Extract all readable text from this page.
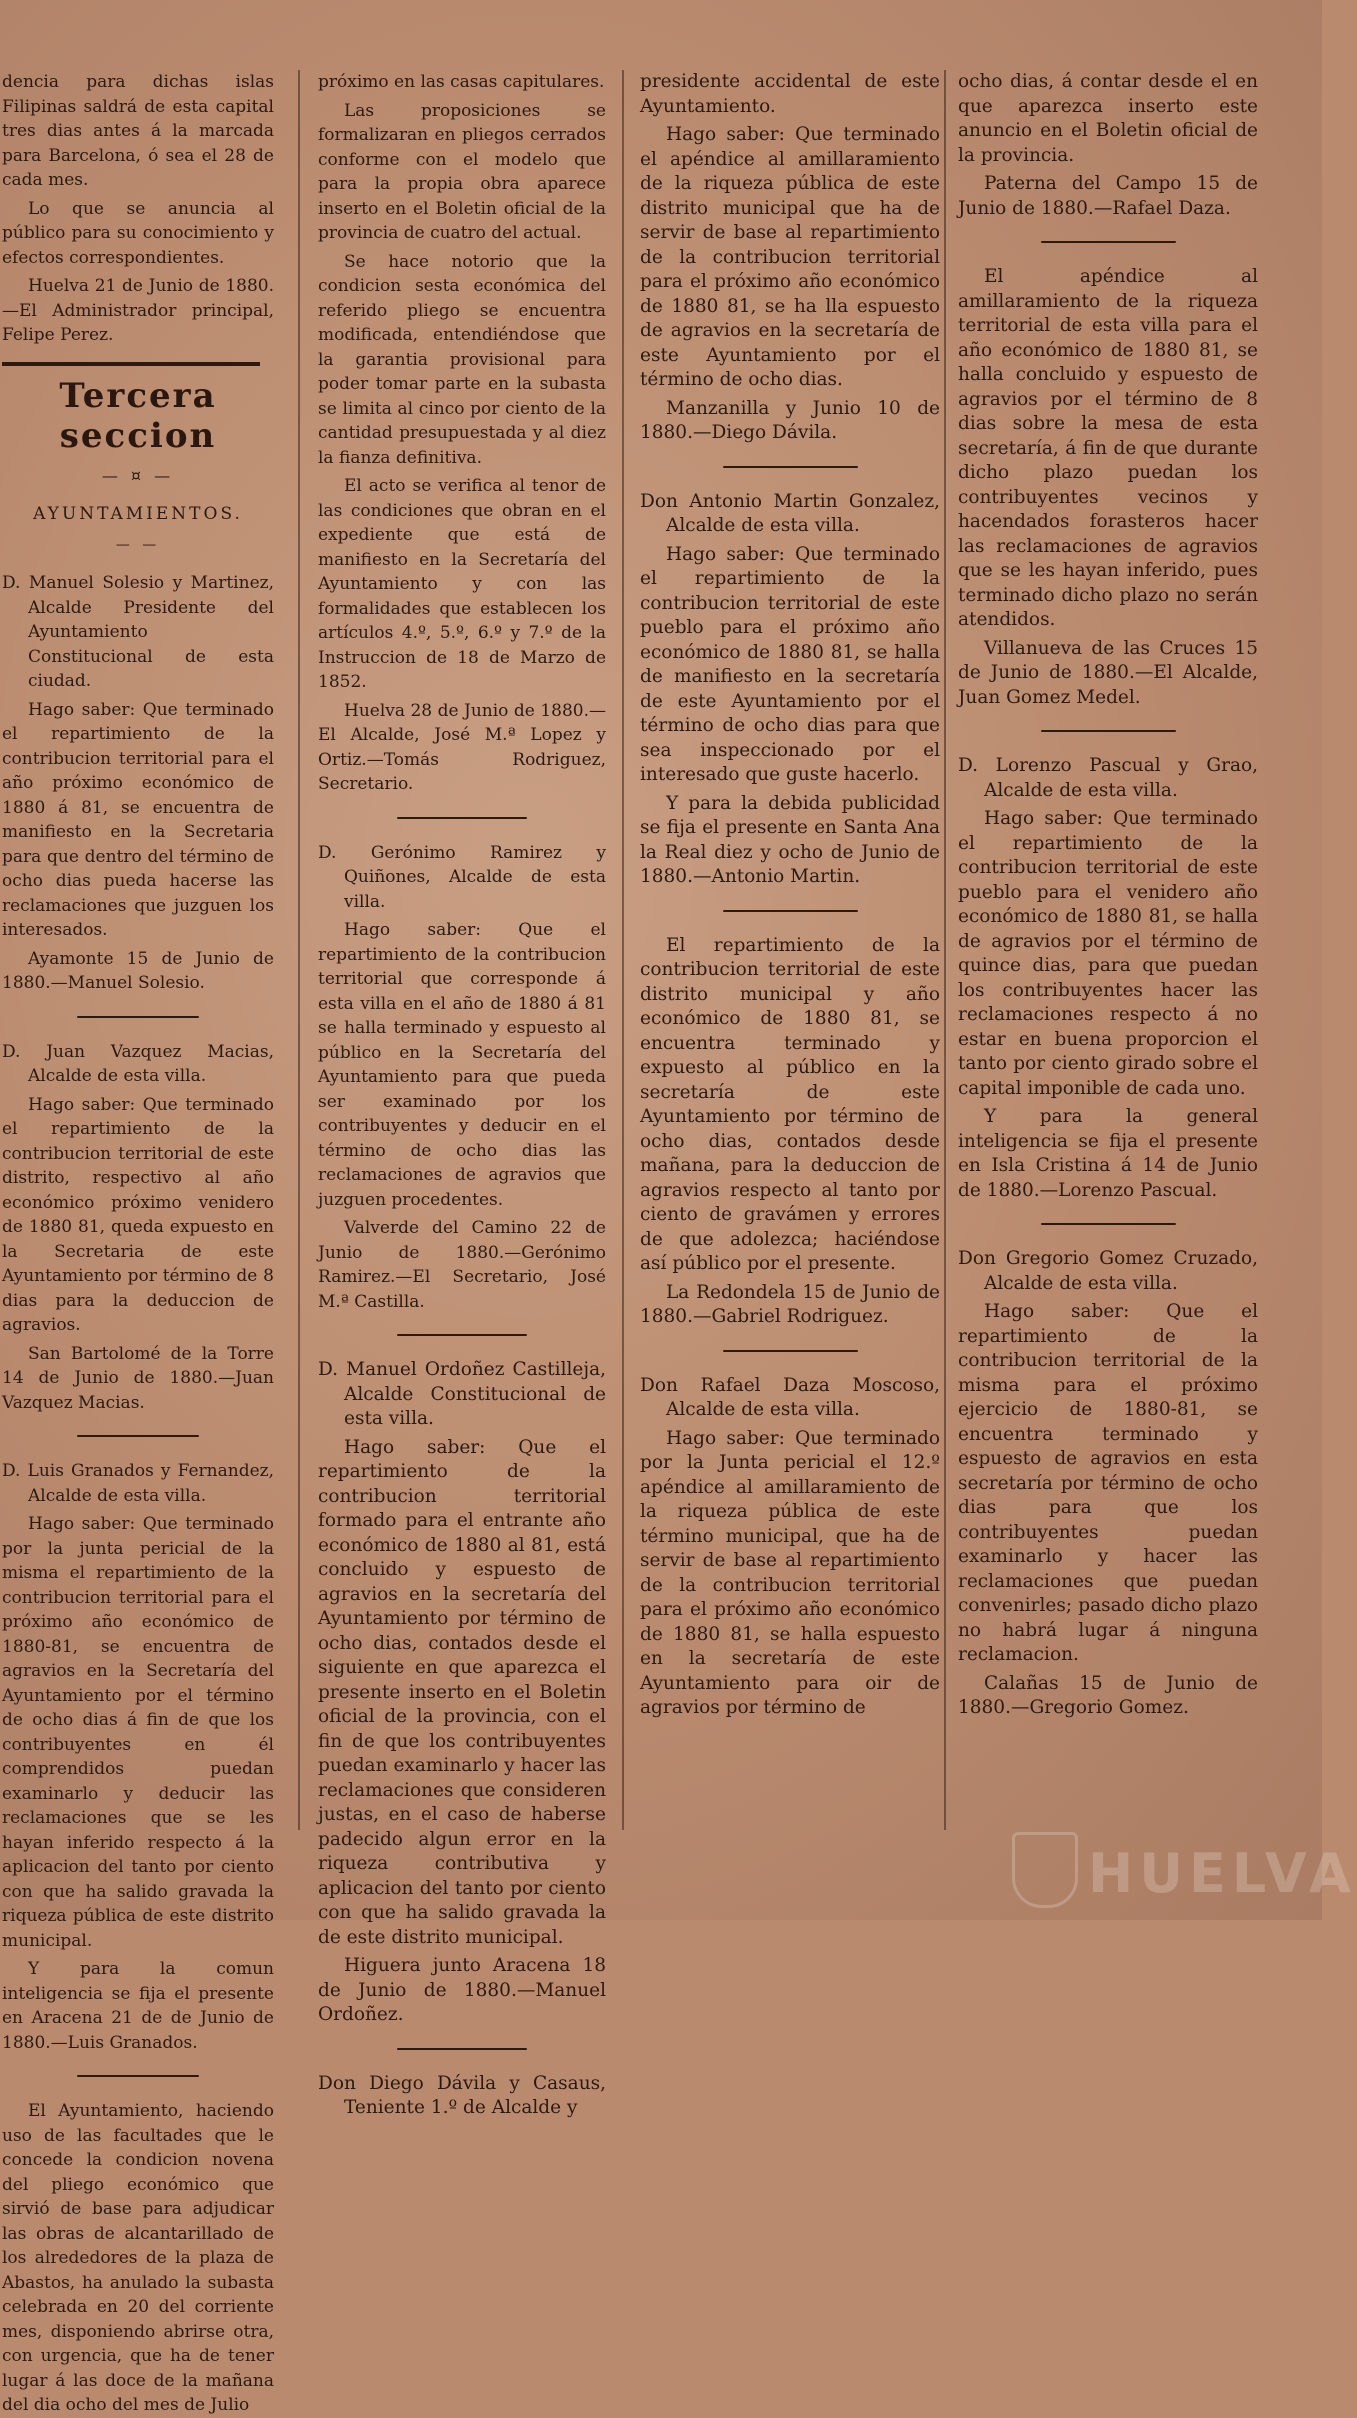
dencia para dichas islas Filipinas saldrá de esta capital tres dias antes á la marcada para Barcelona, ó sea el 28 de cada mes.

Lo que se anuncia al público para su conocimiento y efectos correspondientes.

Huelva 21 de Junio de 1880.—El Administrador principal, Felipe Perez.

Tercera seccion
— ¤ —
AYUNTAMIENTOS.
— —

D. Manuel Solesio y Martinez, Alcalde Presidente del Ayuntamiento Constitucional de esta ciudad.

Hago saber: Que terminado el repartimiento de la contribucion territorial para el año próximo económico de 1880 á 81, se encuentra de manifiesto en la Secretaria para que dentro del término de ocho dias pueda hacerse las reclamaciones que juzguen los interesados.

Ayamonte 15 de Junio de 1880.—Manuel Solesio.

D. Juan Vazquez Macias, Alcalde de esta villa.

Hago saber: Que terminado el repartimiento de la contribucion territorial de este distrito, respectivo al año económico próximo venidero de 1880 81, queda expuesto en la Secretaria de este Ayuntamiento por término de 8 dias para la deduccion de agravios.

San Bartolomé de la Torre 14 de Junio de 1880.—Juan Vazquez Macias.

D. Luis Granados y Fernandez, Alcalde de esta villa.

Hago saber: Que terminado por la junta pericial de la misma el repartimiento de la contribucion territorial para el próximo año económico de 1880-81, se encuentra de agravios en la Secretaría del Ayuntamiento por el término de ocho dias á fin de que los contribuyentes en él comprendidos puedan examinarlo y deducir las reclamaciones que se les hayan inferido respecto á la aplicacion del tanto por ciento con que ha salido gravada la riqueza pública de este distrito municipal.

Y para la comun inteligencia se fija el presente en Aracena 21 de de Junio de 1880.—Luis Granados.

El Ayuntamiento, haciendo uso de las facultades que le concede la condicion novena del pliego económico que sirvió de base para adjudicar las obras de alcantarillado de los alrededores de la plaza de Abastos, ha anulado la subasta celebrada en 20 del corriente mes, disponiendo abrirse otra, con urgencia, que ha de tener lugar á las doce de la mañana del dia ocho del mes de Julio

próximo en las casas capitulares.

Las proposiciones se formalizaran en pliegos cerrados conforme con el modelo que para la propia obra aparece inserto en el Boletin oficial de la provincia de cuatro del actual.

Se hace notorio que la condicion sesta económica del referido pliego se encuentra modificada, entendiéndose que la garantia provisional para poder tomar parte en la subasta se limita al cinco por ciento de la cantidad presupuestada y al diez la fianza definitiva.

El acto se verifica al tenor de las condiciones que obran en el expediente que está de manifiesto en la Secretaría del Ayuntamiento y con las formalidades que establecen los artículos 4.º, 5.º, 6.º y 7.º de la Instruccion de 18 de Marzo de 1852.

Huelva 28 de Junio de 1880.—El Alcalde, José M.ª Lopez y Ortiz.—Tomás Rodriguez, Secretario.

D. Gerónimo Ramirez y Quiñones, Alcalde de esta villa.

Hago saber: Que el repartimiento de la contribucion territorial que corresponde á esta villa en el año de 1880 á 81 se halla terminado y espuesto al público en la Secretaría del Ayuntamiento para que pueda ser examinado por los contribuyentes y deducir en el término de ocho dias las reclamaciones de agravios que juzguen procedentes.

Valverde del Camino 22 de Junio de 1880.—Gerónimo Ramirez.—El Secretario, José M.ª Castilla.

D. Manuel Ordoñez Castilleja, Alcalde Constitucional de esta villa.

Hago saber: Que el repartimiento de la contribucion territorial formado para el entrante año económico de 1880 al 81, está concluido y espuesto de agravios en la secretaría del Ayuntamiento por término de ocho dias, contados desde el siguiente en que aparezca el presente inserto en el Boletin oficial de la provincia, con el fin de que los contribuyentes puedan examinarlo y hacer las reclamaciones que consideren justas, en el caso de haberse padecido algun error en la riqueza contributiva y aplicacion del tanto por ciento con que ha salido gravada la de este distrito municipal.

Higuera junto Aracena 18 de Junio de 1880.—Manuel Ordoñez.

Don Diego Dávila y Casaus, Teniente 1.º de Alcalde y

presidente accidental de este Ayuntamiento.

Hago saber: Que terminado el apéndice al amillaramiento de la riqueza pública de este distrito municipal que ha de servir de base al repartimiento de la contribucion territorial para el próximo año económico de 1880 81, se ha lla espuesto de agravios en la secretaría de este Ayuntamiento por el término de ocho dias.

Manzanilla y Junio 10 de 1880.—Diego Dávila.

Don Antonio Martin Gonzalez, Alcalde de esta villa.

Hago saber: Que terminado el repartimiento de la contribucion territorial de este pueblo para el próximo año económico de 1880 81, se halla de manifiesto en la secretaría de este Ayuntamiento por el término de ocho dias para que sea inspeccionado por el interesado que guste hacerlo.

Y para la debida publicidad se fija el presente en Santa Ana la Real diez y ocho de Junio de 1880.—Antonio Martin.

El repartimiento de la contribucion territorial de este distrito municipal y año económico de 1880 81, se encuentra terminado y expuesto al público en la secretaría de este Ayuntamiento por término de ocho dias, contados desde mañana, para la deduccion de agravios respecto al tanto por ciento de gravámen y errores de que adolezca; haciéndose así público por el presente.

La Redondela 15 de Junio de 1880.—Gabriel Rodriguez.

Don Rafael Daza Moscoso, Alcalde de esta villa.

Hago saber: Que terminado por la Junta pericial el 12.º apéndice al amillaramiento de la riqueza pública de este término municipal, que ha de servir de base al repartimiento de la contribucion territorial para el próximo año económico de 1880 81, se halla espuesto en la secretaría de este Ayuntamiento para oir de agravios por término de

ocho dias, á contar desde el en que aparezca inserto este anuncio en el Boletin oficial de la provincia.

Paterna del Campo 15 de Junio de 1880.—Rafael Daza.

El apéndice al amillaramiento de la riqueza territorial de esta villa para el año económico de 1880 81, se halla concluido y espuesto de agravios por el término de 8 dias sobre la mesa de esta secretaría, á fin de que durante dicho plazo puedan los contribuyentes vecinos y hacendados forasteros hacer las reclamaciones de agravios que se les hayan inferido, pues terminado dicho plazo no serán atendidos.

Villanueva de las Cruces 15 de Junio de 1880.—El Alcalde, Juan Gomez Medel.

D. Lorenzo Pascual y Grao, Alcalde de esta villa.

Hago saber: Que terminado el repartimiento de la contribucion territorial de este pueblo para el venidero año económico de 1880 81, se halla de agravios por el término de quince dias, para que puedan los contribuyentes hacer las reclamaciones respecto á no estar en buena proporcion el tanto por ciento girado sobre el capital imponible de cada uno.

Y para la general inteligencia se fija el presente en Isla Cristina á 14 de Junio de 1880.—Lorenzo Pascual.

Don Gregorio Gomez Cruzado, Alcalde de esta villa.

Hago saber: Que el repartimiento de la contribucion territorial de la misma para el próximo ejercicio de 1880-81, se encuentra terminado y espuesto de agravios en esta secretaría por término de ocho dias para que los contribuyentes puedan examinarlo y hacer las reclamaciones que puedan convenirles; pasado dicho plazo no habrá lugar á ninguna reclamacion.

Calañas 15 de Junio de 1880.—Gregorio Gomez.

HUELVA
